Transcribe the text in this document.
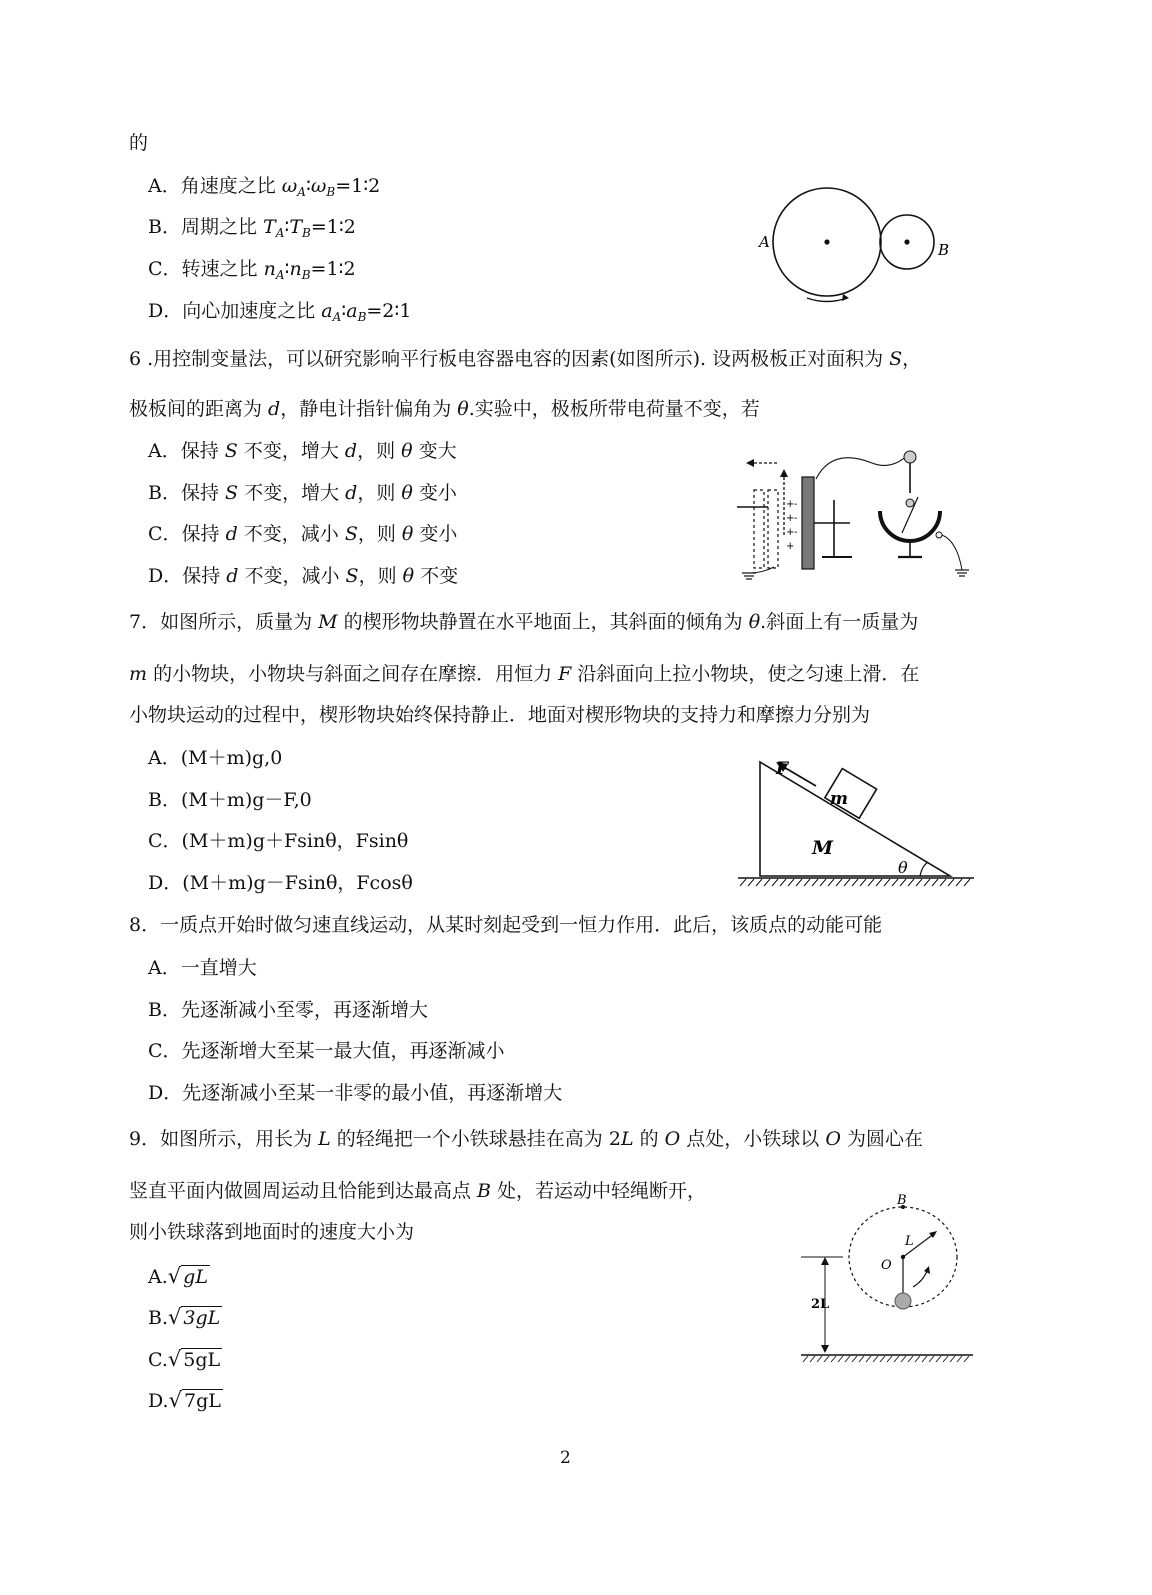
的
A．角速度之比 $\omega_A∶\omega_B=1∶2$
B．周期之比 $T_A∶T_B=1∶2$
C．转速之比 $n_A∶n_B=1∶2$
D．向心加速度之比 $a_A∶a_B=2∶1$
A	B
6 .用控制变量法，可以研究影响平行板电容器电容的因素(如图所示). 设两极板正对面积为 S，
极板间的距离为 d，静电计指针偏角为 θ.实验中，极板所带电荷量不变，若
A．保持 S 不变，增大 d，则 θ 变大
B．保持 S 不变，增大 d，则 θ 变小
C．保持 d 不变，减小 S，则 θ 变小
D．保持 d 不变，减小 S，则 θ 不变
+
+
+
+
-
-
-
7．如图所示，质量为 M 的楔形物块静置在水平地面上，其斜面的倾角为 θ.斜面上有一质量为
m 的小物块，小物块与斜面之间存在摩擦．用恒力 F 沿斜面向上拉小物块，使之匀速上滑．在
小物块运动的过程中，楔形物块始终保持静止．地面对楔形物块的支持力和摩擦力分别为
A．(M＋m)g,0
B．(M＋m)g－F,0
C．(M＋m)g＋Fsinθ，Fsinθ
D．(M＋m)g－Fsinθ，Fcosθ
m
F
M
θ
8．一质点开始时做匀速直线运动，从某时刻起受到一恒力作用．此后，该质点的动能可能
A．一直增大
B．先逐渐减小至零，再逐渐增大
C．先逐渐增大至某一最大值，再逐渐减小
D．先逐渐减小至某一非零的最小值，再逐渐增大
9．如图所示，用长为 L 的轻绳把一个小铁球悬挂在高为 2L 的 O 点处，小铁球以 O 为圆心在
竖直平面内做圆周运动且恰能到达最高点 B 处，若运动中轻绳断开，
则小铁球落到地面时的速度大小为
A.√ gL
B.√ 3gL
C.√ 5gL
D.√ 7gL
B
O
L
2L
2
